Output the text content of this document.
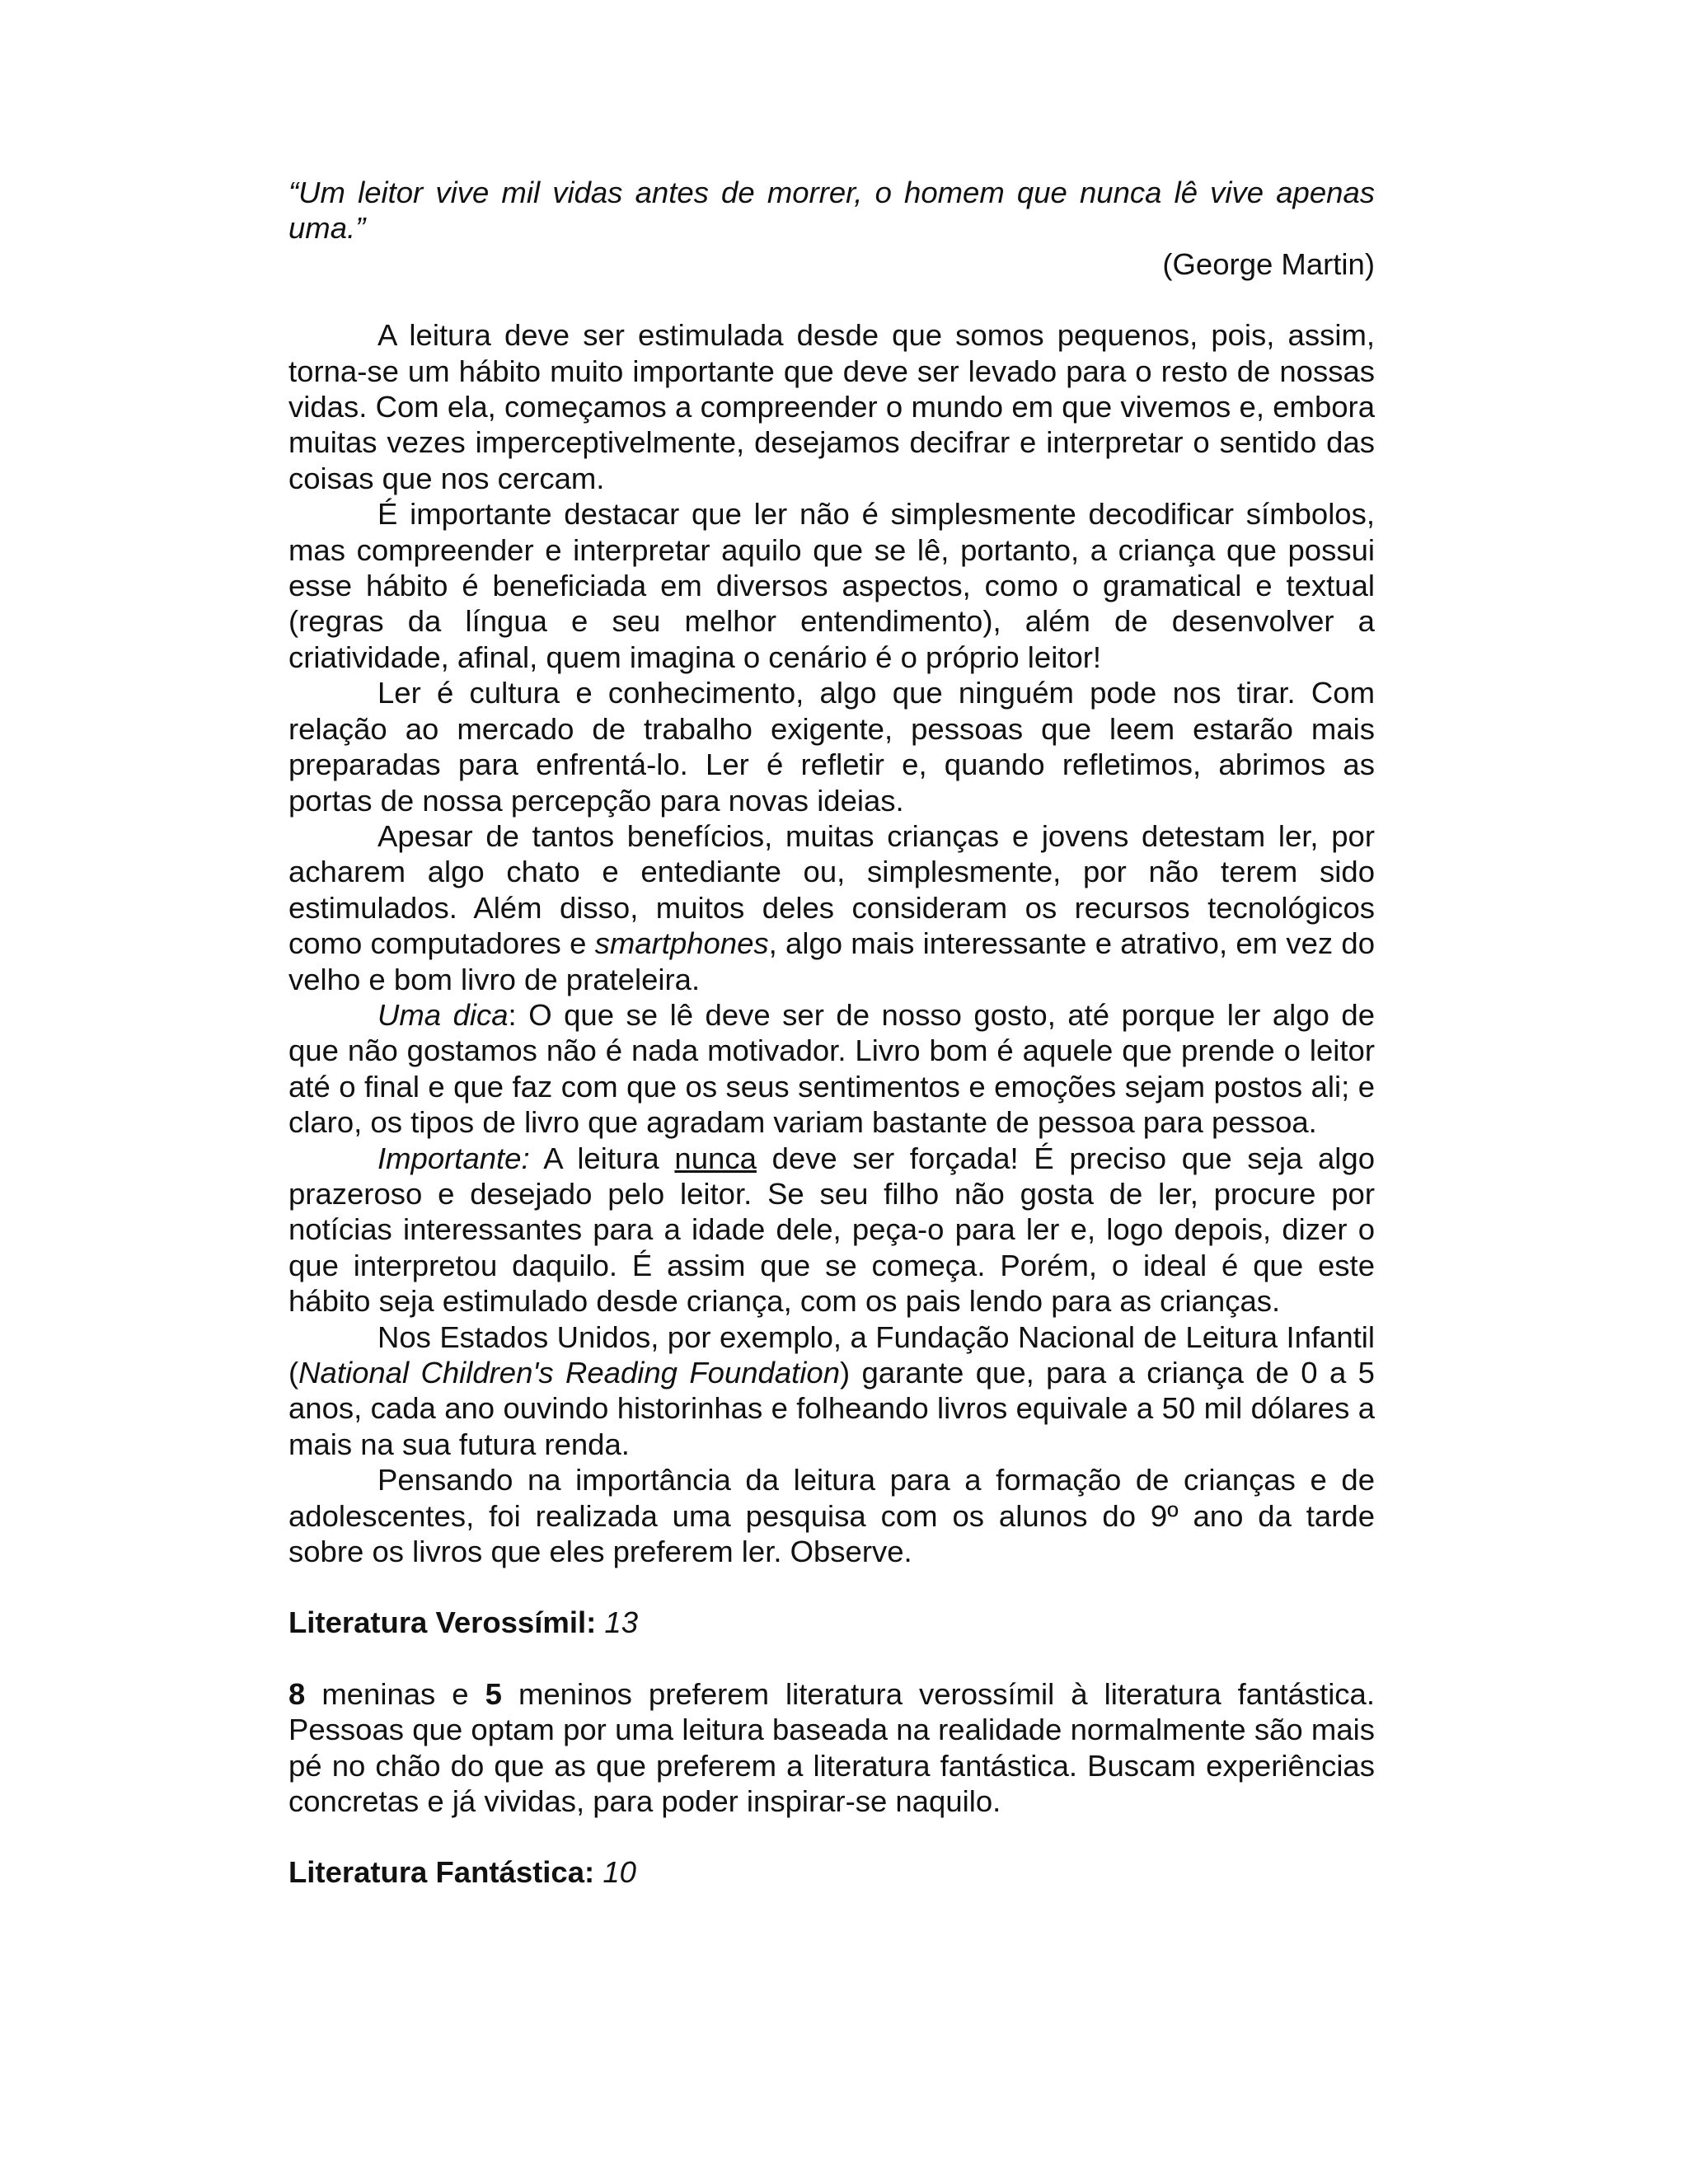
“Um leitor vive mil vidas antes de morrer, o homem que nunca lê vive apenas uma.”

(George Martin)

A leitura deve ser estimulada desde que somos pequenos, pois, assim, torna-se um hábito muito importante que deve ser levado para o resto de nossas vidas. Com ela, começamos a compreender o mundo em que vivemos e, embora muitas vezes imperceptivelmente, desejamos decifrar e interpretar o sentido das coisas que nos cercam.

É importante destacar que ler não é simplesmente decodificar símbolos, mas compreender e interpretar aquilo que se lê, portanto, a criança que possui esse hábito é beneficiada em diversos aspectos, como o gramatical e textual (regras da língua e seu melhor entendimento), além de desenvolver a criatividade, afinal, quem imagina o cenário é o próprio leitor!

Ler é cultura e conhecimento, algo que ninguém pode nos tirar. Com relação ao mercado de trabalho exigente, pessoas que leem estarão mais preparadas para enfrentá-lo. Ler é refletir e, quando refletimos, abrimos as portas de nossa percepção para novas ideias.

Apesar de tantos benefícios, muitas crianças e jovens detestam ler, por acharem algo chato e entediante ou, simplesmente, por não terem sido estimulados. Além disso, muitos deles consideram os recursos tecnológicos como computadores e smartphones, algo mais interessante e atrativo, em vez do velho e bom livro de prateleira.

Uma dica: O que se lê deve ser de nosso gosto, até porque ler algo de que não gostamos não é nada motivador. Livro bom é aquele que prende o leitor até o final e que faz com que os seus sentimentos e emoções sejam postos ali; e claro, os tipos de livro que agradam variam bastante de pessoa para pessoa.

Importante: A leitura nunca deve ser forçada! É preciso que seja algo prazeroso e desejado pelo leitor. Se seu filho não gosta de ler, procure por notícias interessantes para a idade dele, peça-o para ler e, logo depois, dizer o que interpretou daquilo. É assim que se começa. Porém, o ideal é que este hábito seja estimulado desde criança, com os pais lendo para as crianças.

Nos Estados Unidos, por exemplo, a Fundação Nacional de Leitura Infantil (National Children's Reading Foundation) garante que, para a criança de 0 a 5 anos, cada ano ouvindo historinhas e folheando livros equivale a 50 mil dólares a mais na sua futura renda.

Pensando na importância da leitura para a formação de crianças e de adolescentes, foi realizada uma pesquisa com os alunos do 9º ano da tarde sobre os livros que eles preferem ler. Observe.

Literatura Verossímil: 13

8 meninas e 5 meninos preferem literatura verossímil à literatura fantástica. Pessoas que optam por uma leitura baseada na realidade normalmente são mais pé no chão do que as que preferem a literatura fantástica. Buscam experiências concretas e já vividas, para poder inspirar-se naquilo.

Literatura Fantástica: 10
